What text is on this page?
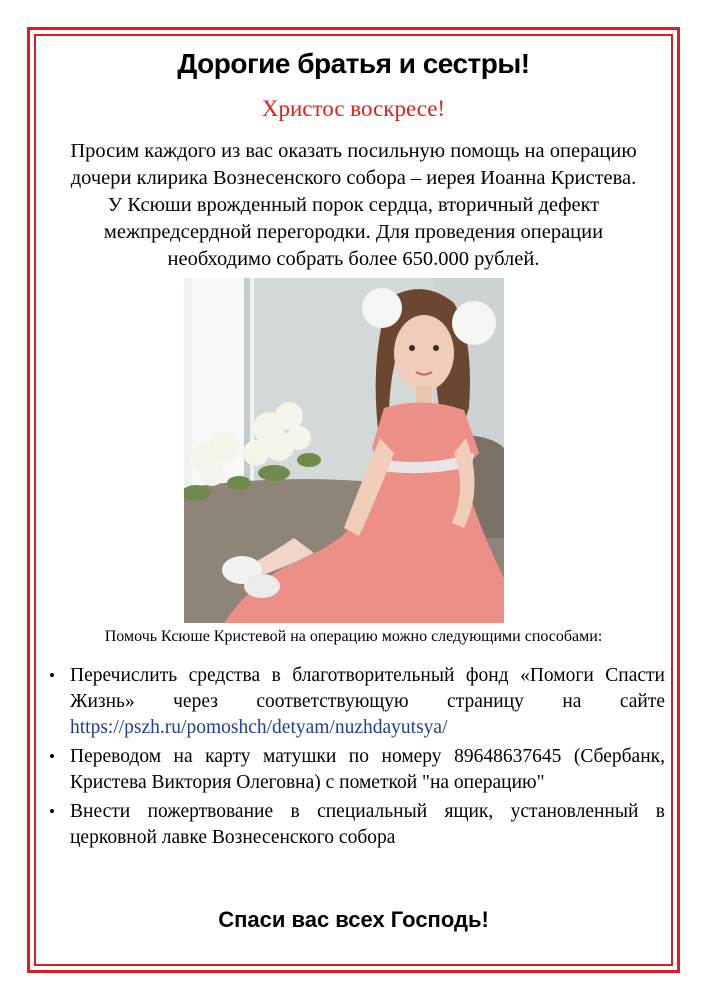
Дорогие братья и сестры!
Христос воскресе!
Просим каждого из вас оказать посильную помощь на операцию
дочери клирика Вознесенского собора – иерея Иоанна Кристева.
У Ксюши врожденный порок сердца, вторичный дефект
межпредсердной перегородки. Для проведения операции
необходимо собрать более 650.000 рублей.
Помочь Ксюше Кристевой на операцию можно следующими способами:
• Перечислить средства в благотворительный фонд «Помоги Спасти Жизнь» через соответствующую страницу на сайте https://pszh.ru/pomoshch/detyam/nuzhdayutsya/
• Переводом на карту матушки по номеру 89648637645 (Сбербанк, Кристева Виктория Олеговна) с пометкой "на операцию"
• Внести пожертвование в специальный ящик, установленный в церковной лавке Вознесенского собора
Спаси вас всех Господь!
